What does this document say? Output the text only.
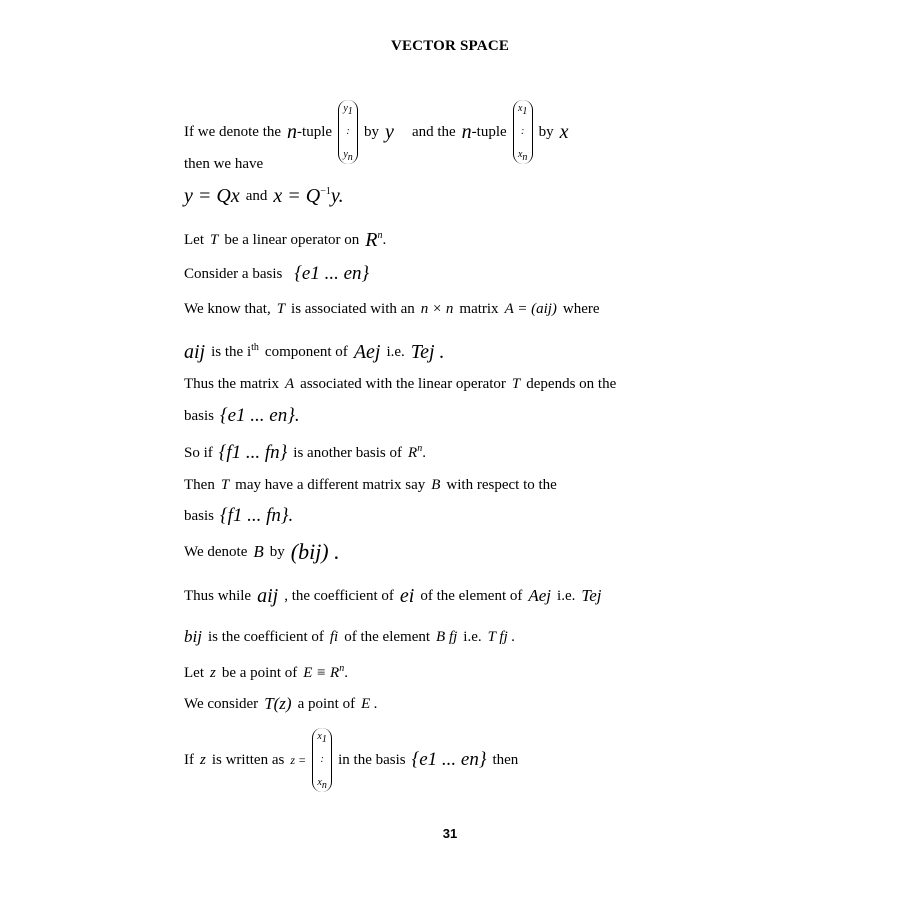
VECTOR SPACE
If we denote the n -tuple
$y_1$
:
$y_n$
by y and the n -tuple
$x_1$
:
$x_n$
by x
then we have
y = Qx and $x = Q^{-1}$ y.
Let T be a linear operator on $R^n$ .
Consider a basis {e1 ... en}
We know that, T is associated with an n × n matrix A = (aij) where
aij is the $i^{th}$ component of Aej i.e. Tej .
Thus the matrix A associated with the linear operator T depends on the
basis {e1 ... en}.
So if {f1 ... fn} is another basis of $R^n$ .
Then T may have a different matrix say B with respect to the
basis {f1 ... fn}.
We denote B by (bij) .
Thus while aij , the coefficient of ei of the element of Aej i.e. Tej
bij is the coefficient of fi of the element B fj i.e. T fj .
Let z be a point of $E \equiv R^n$ .
We consider T(z) a point of E .
If z is written as z =
$x_1$
:
$x_n$
in the basis {e1 ... en} then
31
